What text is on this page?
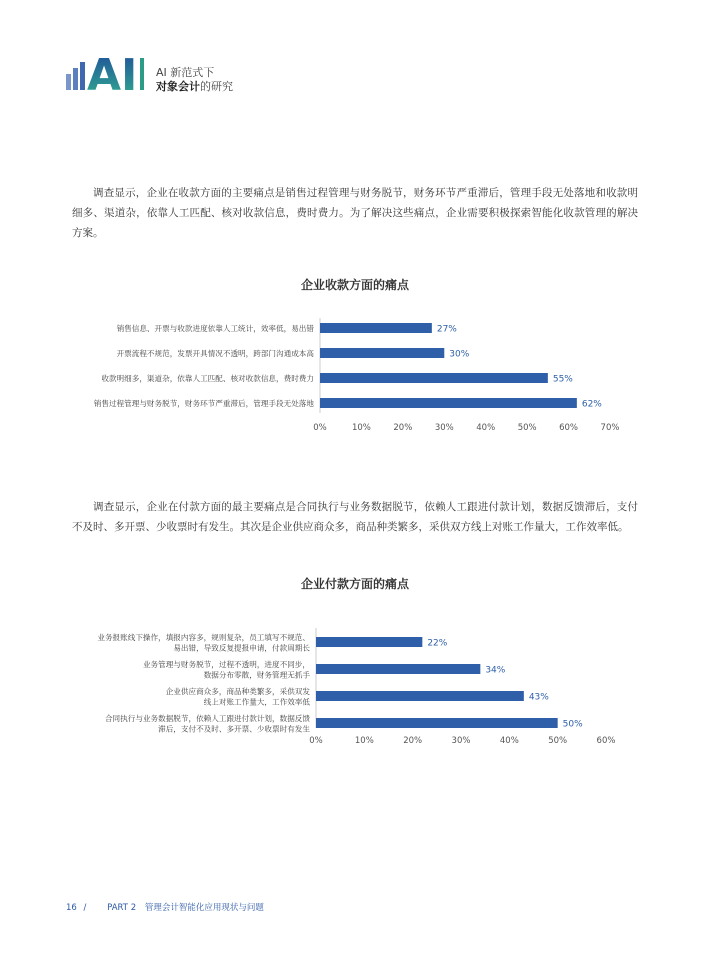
AI AI 新范式下
对象会计的研究

调查显示，企业在收款方面的主要痛点是销售过程管理与财务脱节，财务环节严重滞后，管理手段无处落地和收款明细多、渠道杂，依靠人工匹配、核对收款信息，费时费力。为了解决这些痛点，企业需要积极探索智能化收款管理的解决方案。

企业收款方面的痛点
27%
销售信息、开票与收款进度依靠人工统计，效率低，易出错
30%
开票流程不规范，发票开具情况不透明，跨部门沟通成本高
55%
收款明细多，渠道杂，依靠人工匹配、核对收款信息，费时费力
62%
销售过程管理与财务脱节，财务环节严重滞后，管理手段无处落地
0%	10%	20%	30%	40%	50%	60%	70%

调查显示，企业在付款方面的最主要痛点是合同执行与业务数据脱节，依赖人工跟进付款计划，数据反馈滞后，支付不及时、多开票、少收票时有发生。其次是企业供应商众多，商品种类繁多，采供双方线上对账工作量大，工作效率低。

企业付款方面的痛点
22%
业务报账线下操作，填报内容多，规则复杂，员工填写不规范、
易出错，导致反复提报申请，付款周期长
34%
业务管理与财务脱节，过程不透明，进度不同步，
数据分布零散，财务管理无抓手
43%
企业供应商众多，商品种类繁多，采供双发
线上对账工作量大，工作效率低
50%
合同执行与业务数据脱节，依赖人工跟进付款计划，数据反馈
滞后，支付不及时、多开票、少收票时有发生
0%	10%	20%	30%	40%	50%	60%
16 / PART 2 管理会计智能化应用现状与问题
